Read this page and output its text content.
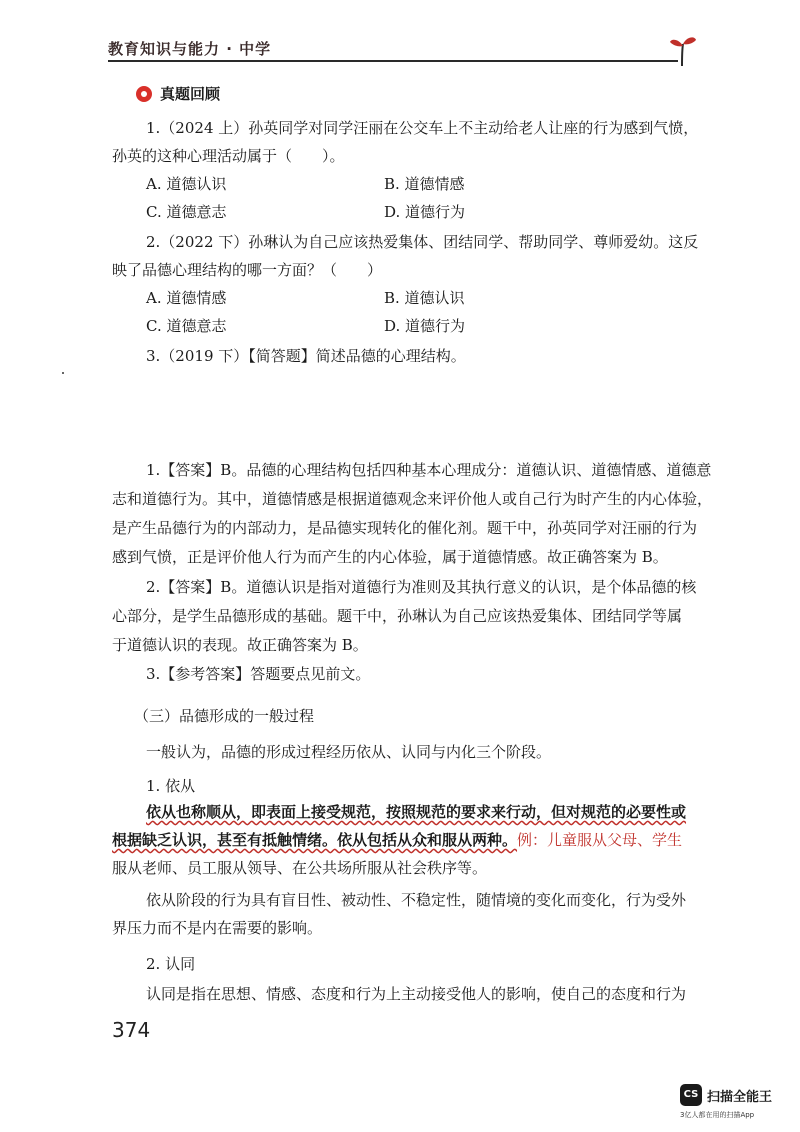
教育知识与能力 · 中学
真题回顾
1.（2024 上）孙英同学对同学汪丽在公交车上不主动给老人让座的行为感到气愤，
孙英的这种心理活动属于（　　）。
A. 道德认识	B. 道德情感
C. 道德意志	D. 道德行为
2.（2022 下）孙琳认为自己应该热爱集体、团结同学、帮助同学、尊师爱幼。这反
映了品德心理结构的哪一方面？（　　）
A. 道德情感	B. 道德认识
C. 道德意志	D. 道德行为
3.（2019 下）【简答题】简述品德的心理结构。
1.【答案】B。品德的心理结构包括四种基本心理成分：道德认识、道德情感、道德意
志和道德行为。其中，道德情感是根据道德观念来评价他人或自己行为时产生的内心体验，
是产生品德行为的内部动力，是品德实现转化的催化剂。题干中，孙英同学对汪丽的行为
感到气愤，正是评价他人行为而产生的内心体验，属于道德情感。故正确答案为 B。
2.【答案】B。道德认识是指对道德行为准则及其执行意义的认识，是个体品德的核
心部分，是学生品德形成的基础。题干中，孙琳认为自己应该热爱集体、团结同学等属
于道德认识的表现。故正确答案为 B。
3.【参考答案】答题要点见前文。
（三）品德形成的一般过程
一般认为，品德的形成过程经历依从、认同与内化三个阶段。
1. 依从
依从也称顺从，即表面上接受规范，按照规范的要求来行动，但对规范的必要性或
根据缺乏认识，甚至有抵触情绪。依从包括从众和服从两种。例：儿童服从父母、学生
服从老师、员工服从领导、在公共场所服从社会秩序等。
依从阶段的行为具有盲目性、被动性、不稳定性，随情境的变化而变化，行为受外
界压力而不是内在需要的影响。
2. 认同
认同是指在思想、情感、态度和行为上主动接受他人的影响，使自己的态度和行为
374
CS 扫描全能王
3亿人都在用的扫描App
